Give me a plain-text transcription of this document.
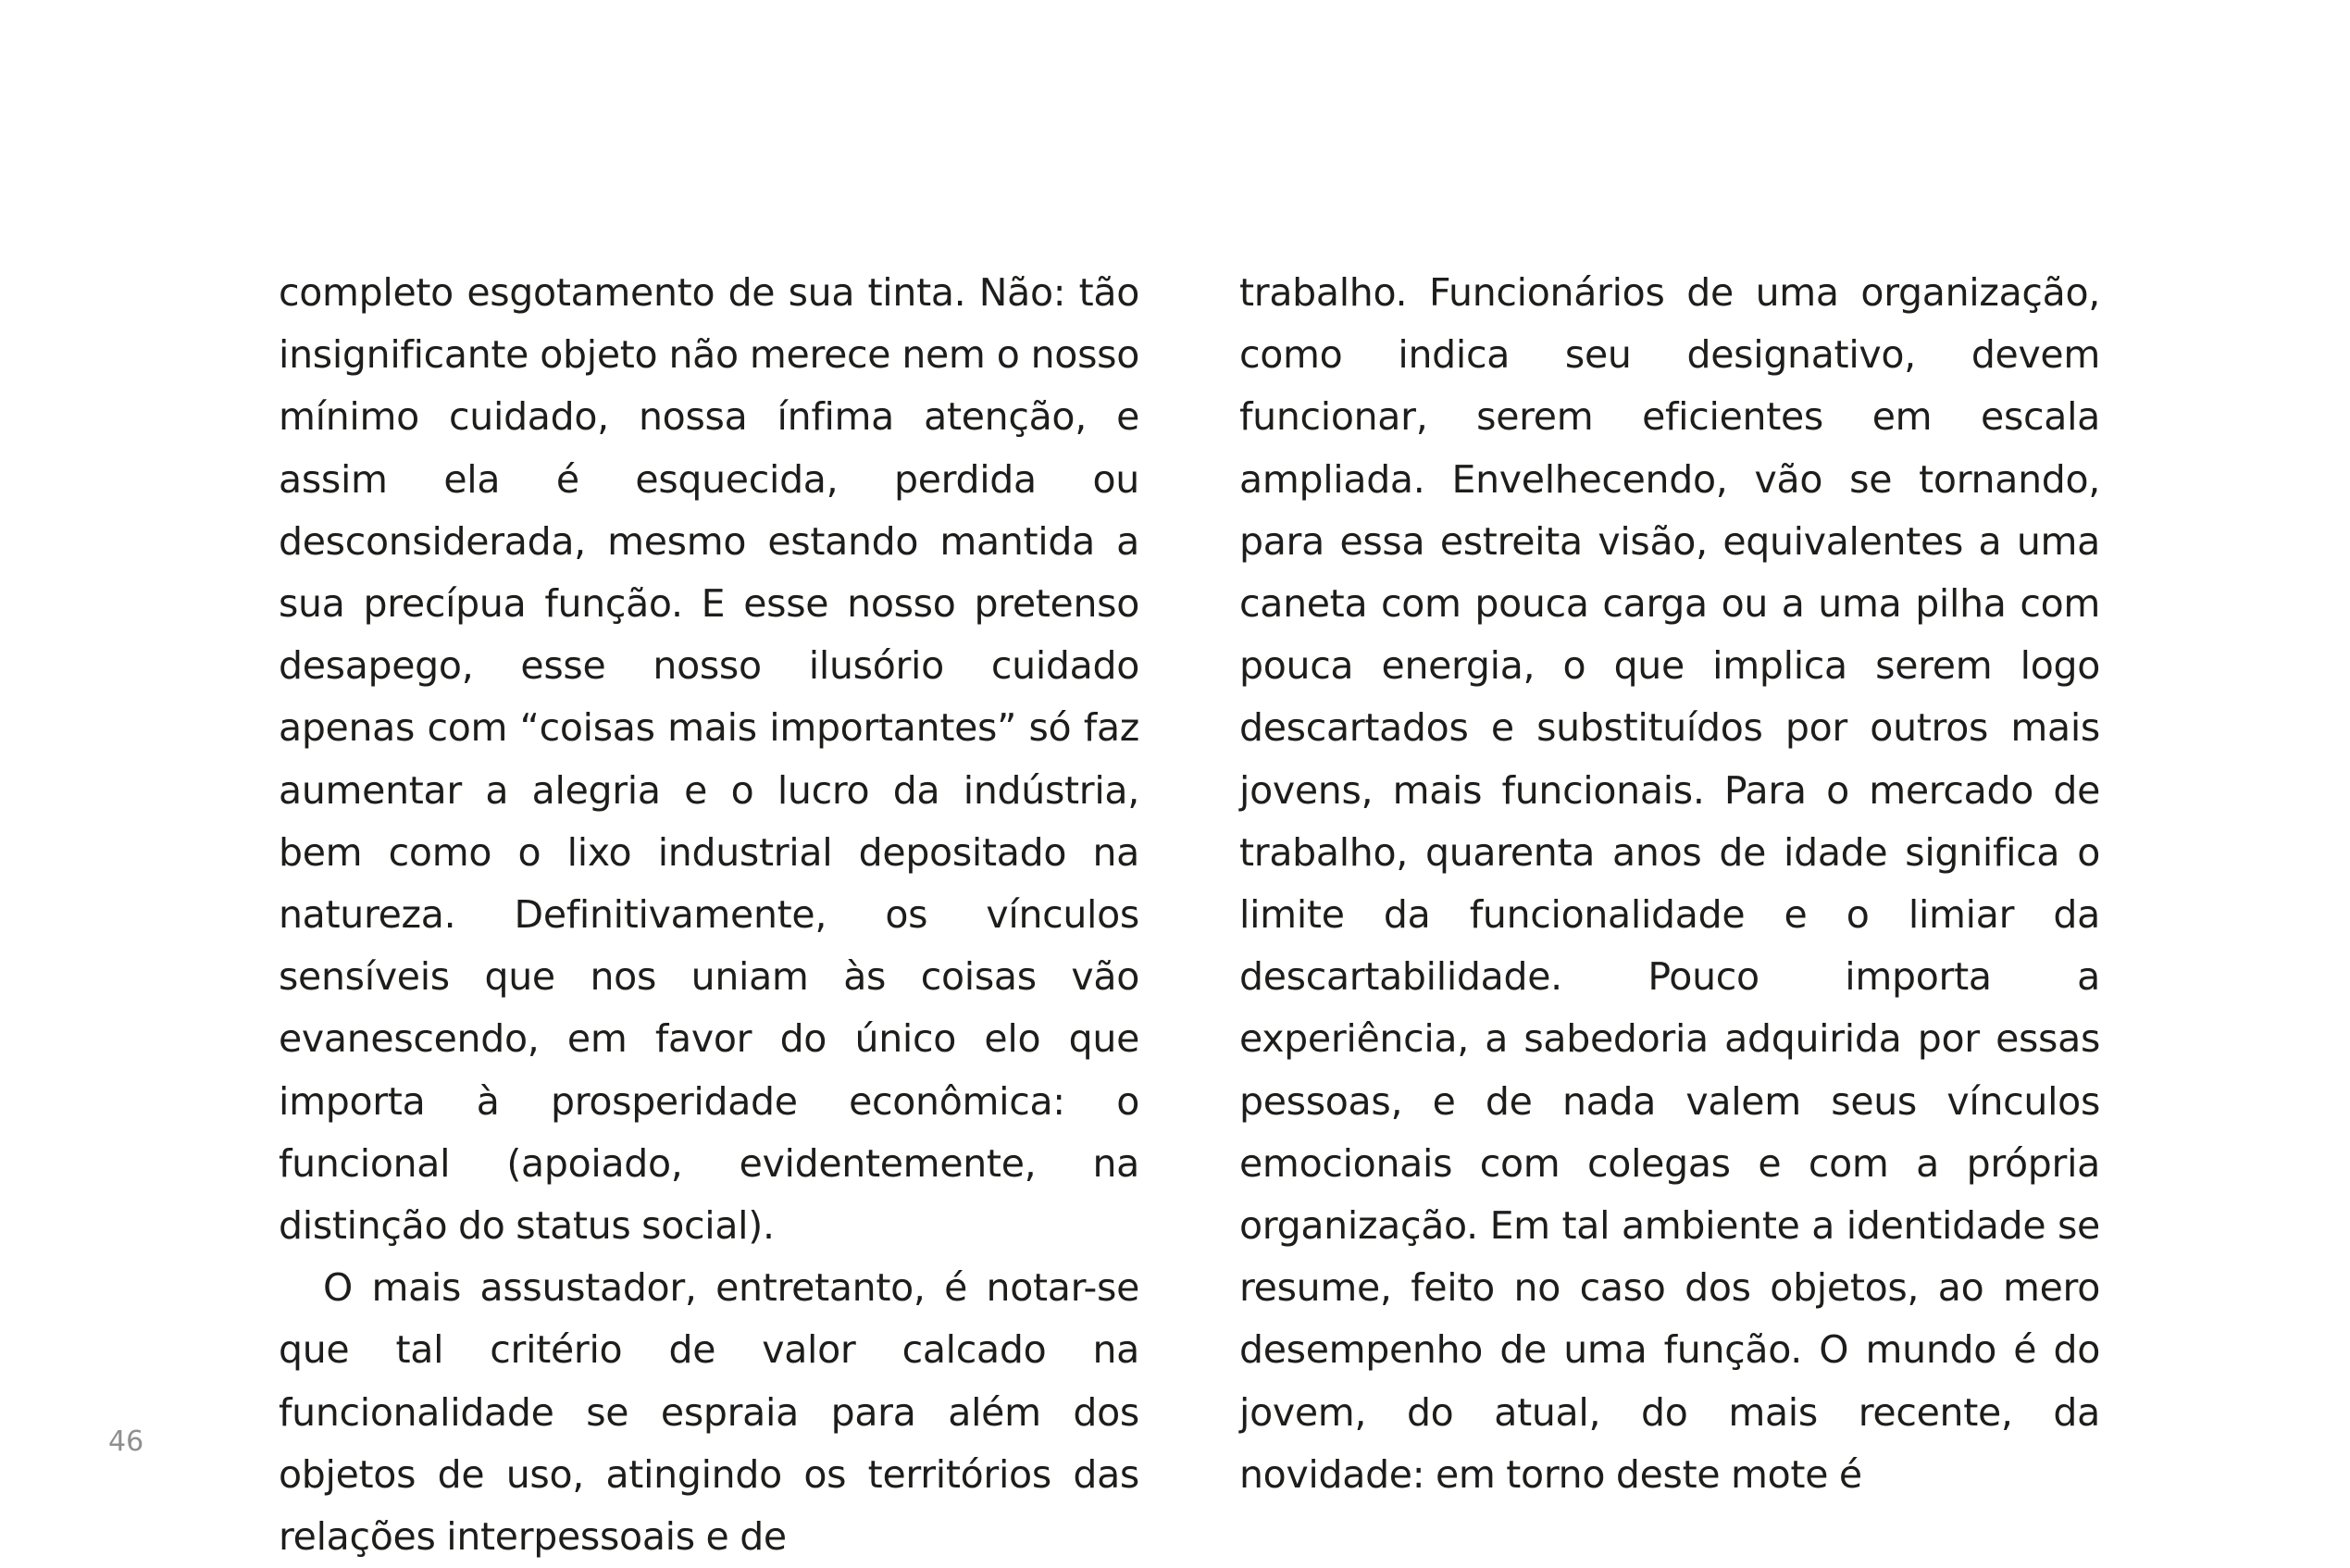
completo esgotamento de sua tinta. Não: tão insignificante objeto não merece nem o nosso mínimo cuidado, nossa ínfima atenção, e assim ela é esquecida, perdida ou desconsiderada, mesmo estando mantida a sua precípua função. E esse nosso pretenso desapego, esse nosso ilusório cuidado apenas com “coisas mais importantes” só faz aumentar a alegria e o lucro da indústria, bem como o lixo industrial depositado na natureza. Definitivamente, os vínculos sensíveis que nos uniam às coisas vão evanescendo, em favor do único elo que importa à prosperidade econômica: o funcional (apoiado, evidentemente, na distinção do status social).

O mais assustador, entretanto, é notar-se que tal critério de valor calcado na funcionalidade se espraia para além dos objetos de uso, atingindo os territórios das relações interpessoais e de

trabalho. Funcionários de uma organização, como indica seu designativo, devem funcionar, serem eficientes em escala ampliada. Envelhecendo, vão se tornando, para essa estreita visão, equivalentes a uma caneta com pouca carga ou a uma pilha com pouca energia, o que implica serem logo descartados e substituídos por outros mais jovens, mais funcionais. Para o mercado de trabalho, quarenta anos de idade significa o limite da funcionalidade e o limiar da descartabilidade. Pouco importa a experiência, a sabedoria adquirida por essas pessoas, e de nada valem seus vínculos emocionais com colegas e com a própria organização. Em tal ambiente a identidade se resume, feito no caso dos objetos, ao mero desempenho de uma função. O mundo é do jovem, do atual, do mais recente, da novidade: em torno deste mote é

46
